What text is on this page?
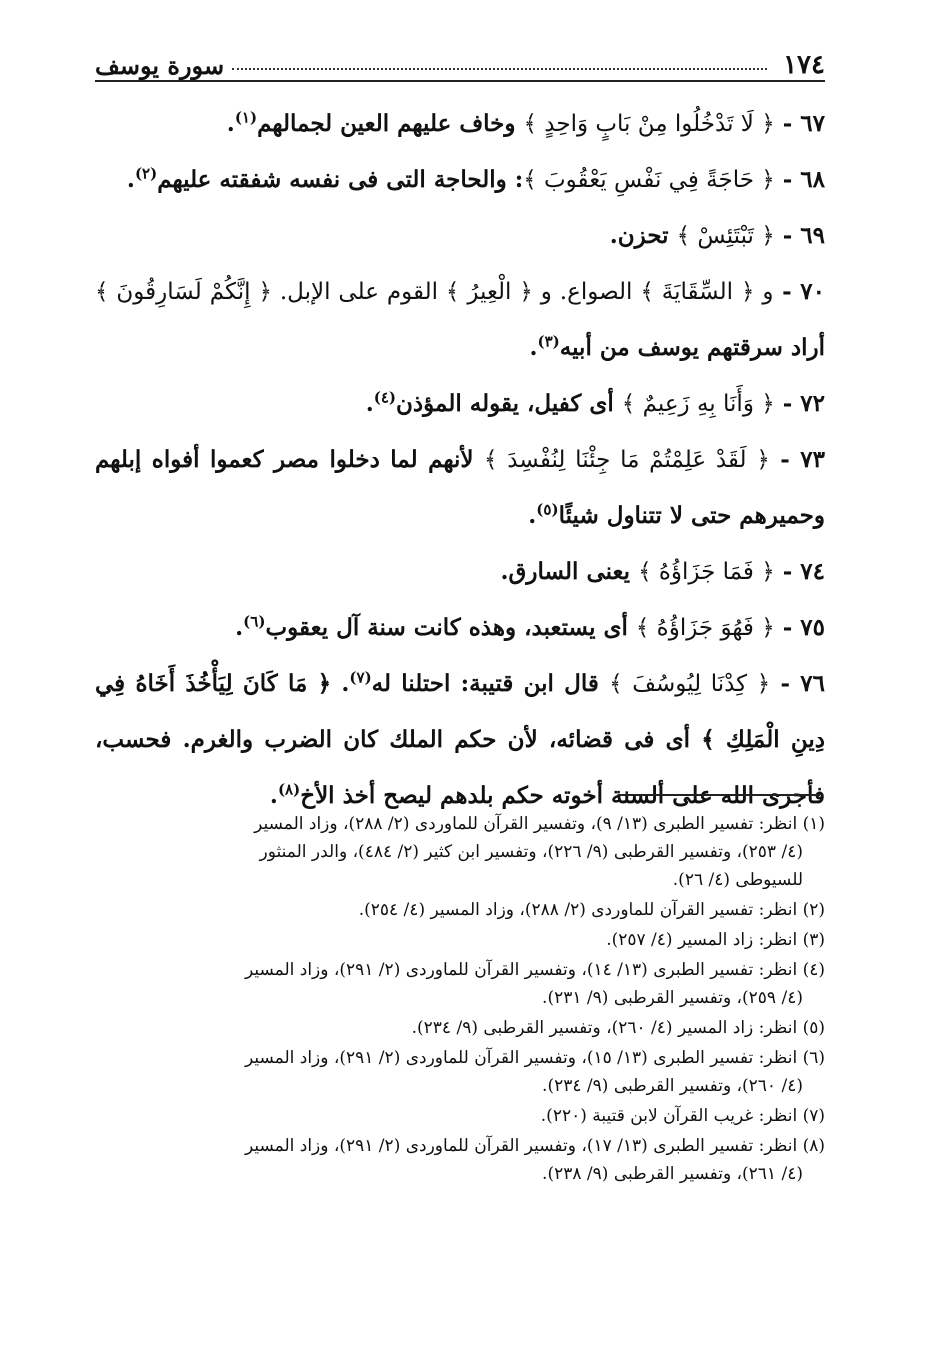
١٧٤
سورة يوسف

٦٧ - ﴿ لَا تَدْخُلُوا مِنْ بَابٍ وَاحِدٍ ﴾ وخاف عليهم العين لجمالهم$^{(١)}$.

٦٨ - ﴿ حَاجَةً فِي نَفْسِ يَعْقُوبَ ﴾: والحاجة التى فى نفسه شفقته عليهم$^{(٢)}$.

٦٩ - ﴿ تَبْتَئِسْ ﴾ تحزن.

٧٠ - و ﴿ السِّقَايَةَ ﴾ الصواع. و ﴿ الْعِيرُ ﴾ القوم على الإبل. ﴿ إِنَّكُمْ لَسَارِقُونَ ﴾ أراد سرقتهم يوسف من أبيه$^{(٣)}$.

٧٢ - ﴿ وَأَنَا بِهِ زَعِيمٌ ﴾ أى كفيل، يقوله المؤذن$^{(٤)}$.

٧٣ - ﴿ لَقَدْ عَلِمْتُمْ مَا جِئْنَا لِنُفْسِدَ ﴾ لأنهم لما دخلوا مصر كعموا أفواه إبلهم وحميرهم حتى لا تتناول شيئًا$^{(٥)}$.

٧٤ - ﴿ فَمَا جَزَاؤُهُ ﴾ يعنى السارق.

٧٥ - ﴿ فَهُوَ جَزَاؤُهُ ﴾ أى يستعبد، وهذه كانت سنة آل يعقوب$^{(٦)}$.

٧٦ - ﴿ كِدْنَا لِيُوسُفَ ﴾ قال ابن قتيبة: احتلنا له$^{(٧)}$. ﴿ مَا كَانَ لِيَأْخُذَ أَخَاهُ فِي دِينِ الْمَلِكِ ﴾ أى فى قضائه، لأن حكم الملك كان الضرب والغرم. فحسب، فأجرى الله على ألسنة أخوته حكم بلدهم ليصح أخذ الأخ$^{(٨)}$.

(١) انظر: تفسير الطبرى (١٣/ ٩)، وتفسير القرآن للماوردى (٢/ ٢٨٨)، وزاد المسير
(٤/ ٢٥٣)، وتفسير القرطبى (٩/ ٢٢٦)، وتفسير ابن كثير (٢/ ٤٨٤)، والدر المنثور
للسيوطى (٤/ ٢٦).

(٢) انظر: تفسير القرآن للماوردى (٢/ ٢٨٨)، وزاد المسير (٤/ ٢٥٤).

(٣) انظر: زاد المسير (٤/ ٢٥٧).

(٤) انظر: تفسير الطبرى (١٣/ ١٤)، وتفسير القرآن للماوردى (٢/ ٢٩١)، وزاد المسير
(٤/ ٢٥٩)، وتفسير القرطبى (٩/ ٢٣١).

(٥) انظر: زاد المسير (٤/ ٢٦٠)، وتفسير القرطبى (٩/ ٢٣٤).

(٦) انظر: تفسير الطبرى (١٣/ ١٥)، وتفسير القرآن للماوردى (٢/ ٢٩١)، وزاد المسير
(٤/ ٢٦٠)، وتفسير القرطبى (٩/ ٢٣٤).

(٧) انظر: غريب القرآن لابن قتيبة (٢٢٠).

(٨) انظر: تفسير الطبرى (١٣/ ١٧)، وتفسير القرآن للماوردى (٢/ ٢٩١)، وزاد المسير
(٤/ ٢٦١)، وتفسير القرطبى (٩/ ٢٣٨).
